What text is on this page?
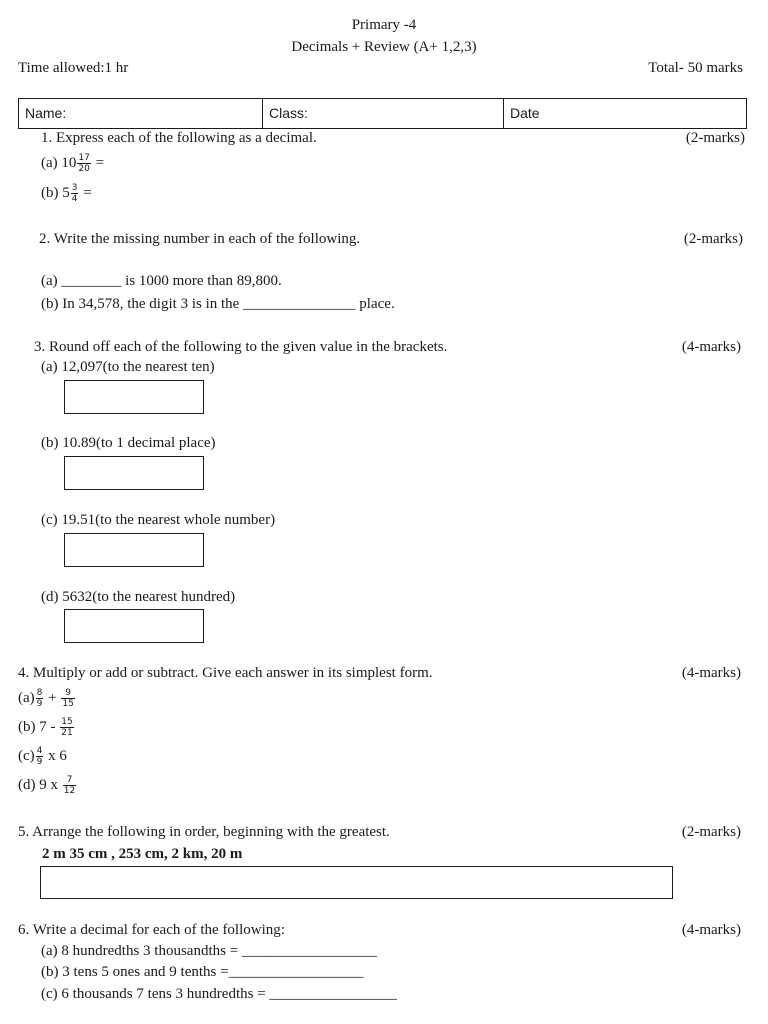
Primary -4
Decimals + Review (A+ 1,2,3)
Time allowed:1 hr	Total- 50 marks
Name:	Class:	Date
1. Express each of the following as a decimal.	(2-marks)
(a) $10 \frac{17}{20}$ =
(b) $5 \frac{3}{4}$ =
2. Write the missing number in each of the following.	(2-marks)
(a) ________ is 1000 more than 89,800.
(b) In 34,578, the digit 3 is in the _______________ place.
3. Round off each of the following to the given value in the brackets.	(4-marks)
(a) 12,097(to the nearest ten)
(b) 10.89(to 1 decimal place)
(c) 19.51(to the nearest whole number)
(d) 5632(to the nearest hundred)
4. Multiply or add or subtract. Give each answer in its simplest form.	(4-marks)
$(a) \frac{8}{9} + \frac{9}{15}$
(b) $7 - \frac{15}{21}$
$(c) \frac{4}{9}$ x 6
(d) 9 x $\frac{7}{12}$
5. Arrange the following in order, beginning with the greatest.	(2-marks)
2 m 35 cm , 253 cm, 2 km, 20 m
6. Write a decimal for each of the following:	(4-marks)
(a) 8 hundredths 3 thousandths = __________________
(b) 3 tens 5 ones and 9 tenths =__________________
(c) 6 thousands 7 tens 3 hundredths = _________________
